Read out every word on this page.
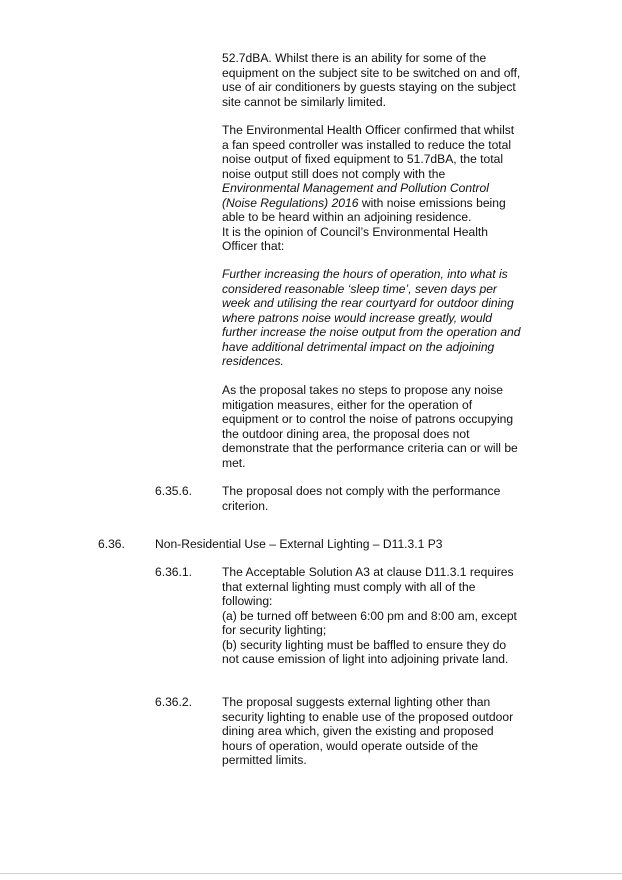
52.7dBA. Whilst there is an ability for some of the equipment on the subject site to be switched on and off, use of air conditioners by guests staying on the subject site cannot be similarly limited.

The Environmental Health Officer confirmed that whilst a fan speed controller was installed to reduce the total noise output of fixed equipment to 51.7dBA, the total noise output still does not comply with the Environmental Management and Pollution Control (Noise Regulations) 2016 with noise emissions being able to be heard within an adjoining residence.
It is the opinion of Council’s Environmental Health Officer that:

Further increasing the hours of operation, into what is considered reasonable ‘sleep time’, seven days per week and utilising the rear courtyard for outdoor dining where patrons noise would increase greatly, would further increase the noise output from the operation and have additional detrimental impact on the adjoining residences.

As the proposal takes no steps to propose any noise mitigation measures, either for the operation of equipment or to control the noise of patrons occupying the outdoor dining area, the proposal does not demonstrate that the performance criteria can or will be met.

6.35.6. The proposal does not comply with the performance criterion.

6.36. Non-Residential Use – External Lighting – D11.3.1 P3
6.36.1. The Acceptable Solution A3 at clause D11.3.1 requires that external lighting must comply with all of the following:
(a) be turned off between 6:00 pm and 8:00 am, except for security lighting;
(b) security lighting must be baffled to ensure they do not cause emission of light into adjoining private land.
6.36.2. The proposal suggests external lighting other than security lighting to enable use of the proposed outdoor dining area which, given the existing and proposed hours of operation, would operate outside of the permitted limits.
